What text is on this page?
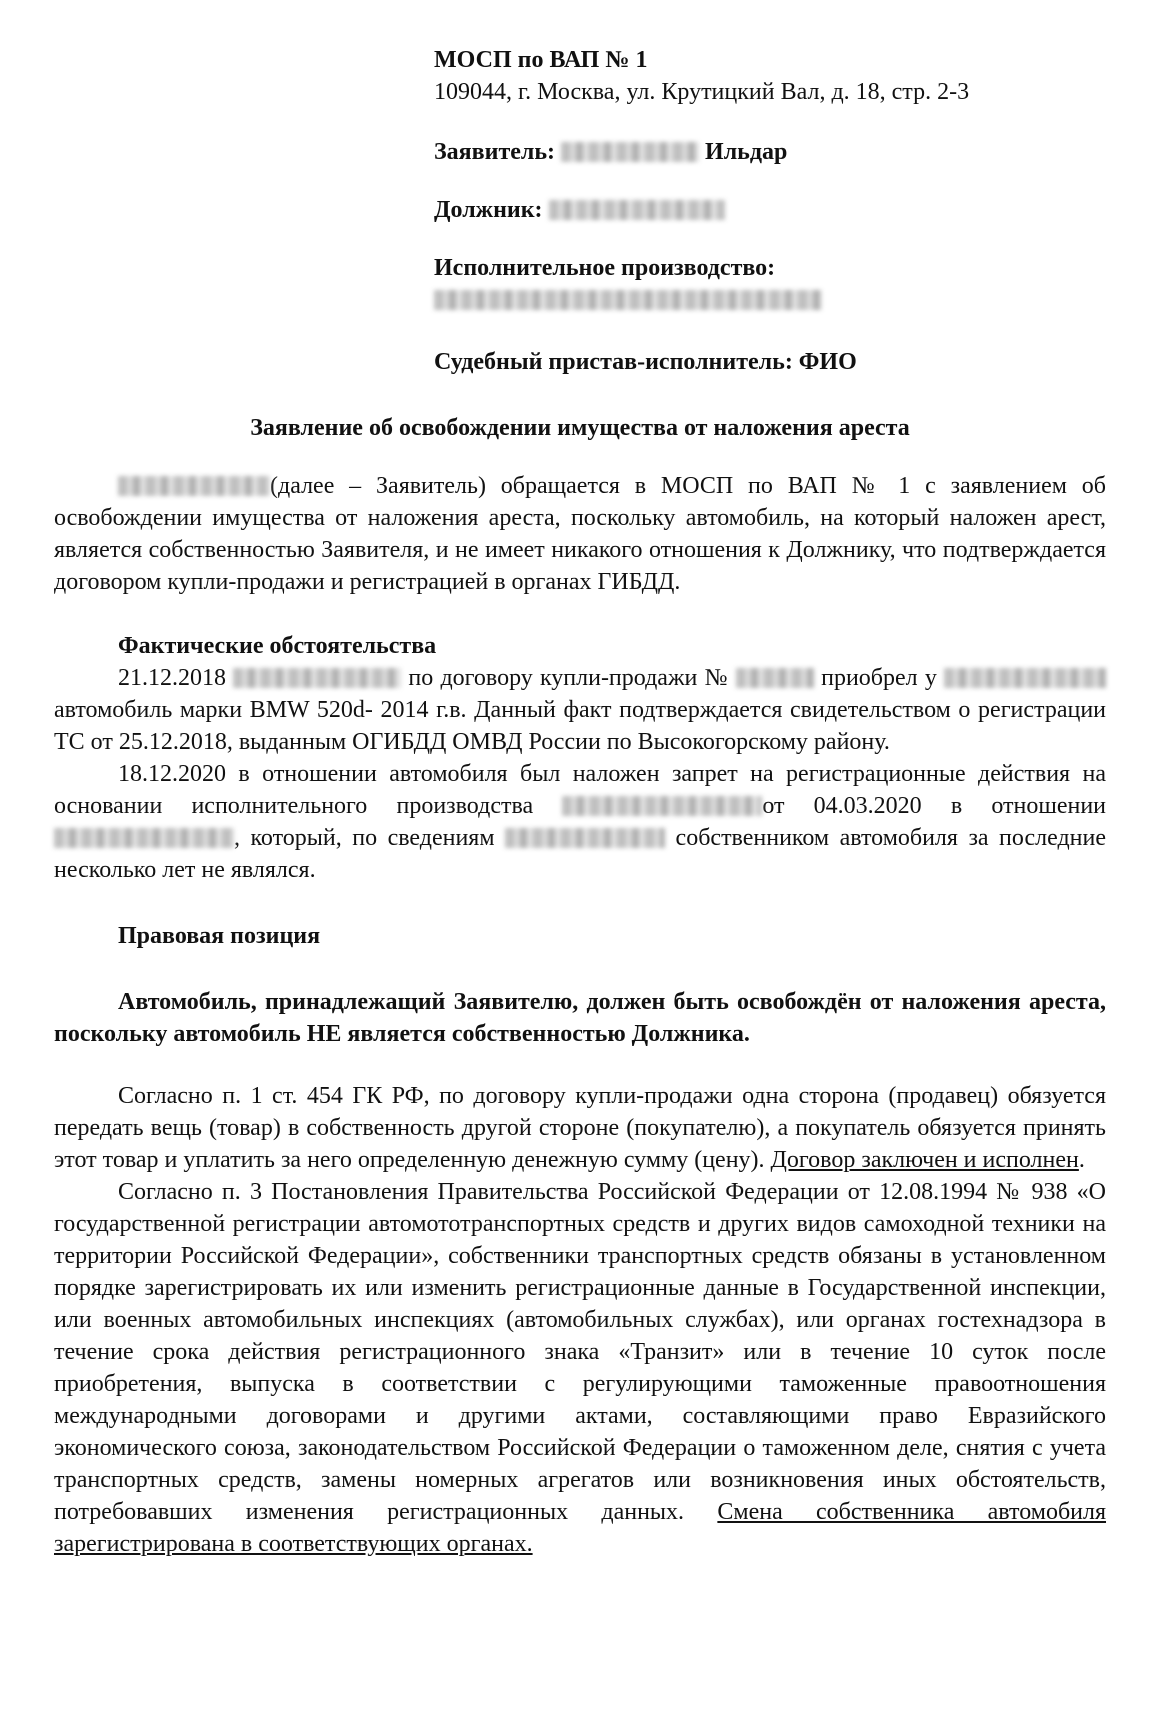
МОСП по ВАП № 1
109044, г. Москва, ул. Крутицкий Вал, д. 18, стр. 2-3
Заявитель:	Ильдар
Должник:
Исполнительное производство:
Судебный пристав-исполнитель: ФИО
Заявление об освобождении имущества от наложения ареста

(далее – Заявитель) обращается в МОСП по ВАП № 1 с заявлением об освобождении имущества от наложения ареста, поскольку автомобиль, на который наложен арест, является собственностью Заявителя, и не имеет никакого отношения к Должнику, что подтверждается договором купли-продажи и регистрацией в органах ГИБДД.

Фактические обстоятельства

21.12.2018	по договору купли-продажи №	приобрел у  автомобиль марки BMW 520d- 2014 г.в. Данный факт подтверждается свидетельством о регистрации ТС от 25.12.2018, выданным ОГИБДД ОМВД России по Высокогорскому району.

18.12.2020 в отношении автомобиля был наложен запрет на регистрационные действия на основании исполнительного производства	от 04.03.2020 в отношении , который, по сведениям	собственником автомобиля за последние несколько лет не являлся.

Правовая позиция
Автомобиль, принадлежащий Заявителю, должен быть освобождён от наложения ареста, поскольку автомобиль НЕ является собственностью Должника.

Согласно п. 1 ст. 454 ГК РФ, по договору купли-продажи одна сторона (продавец) обязуется передать вещь (товар) в собственность другой стороне (покупателю), а покупатель обязуется принять этот товар и уплатить за него определенную денежную сумму (цену). Договор заключен и исполнен.

Согласно п. 3 Постановления Правительства Российской Федерации от 12.08.1994 № 938 «О государственной регистрации автомототранспортных средств и других видов самоходной техники на территории Российской Федерации», собственники транспортных средств обязаны в установленном порядке зарегистрировать их или изменить регистрационные данные в Государственной инспекции, или военных автомобильных инспекциях (автомобильных службах), или органах гостехнадзора в течение срока действия регистрационного знака «Транзит» или в течение 10 суток после приобретения, выпуска в соответствии с регулирующими таможенные правоотношения международными договорами и другими актами, составляющими право Евразийского экономического союза, законодательством Российской Федерации о таможенном деле, снятия с учета транспортных средств, замены номерных агрегатов или возникновения иных обстоятельств, потребовавших изменения регистрационных данных. Смена собственника автомобиля зарегистрирована в соответствующих органах.
